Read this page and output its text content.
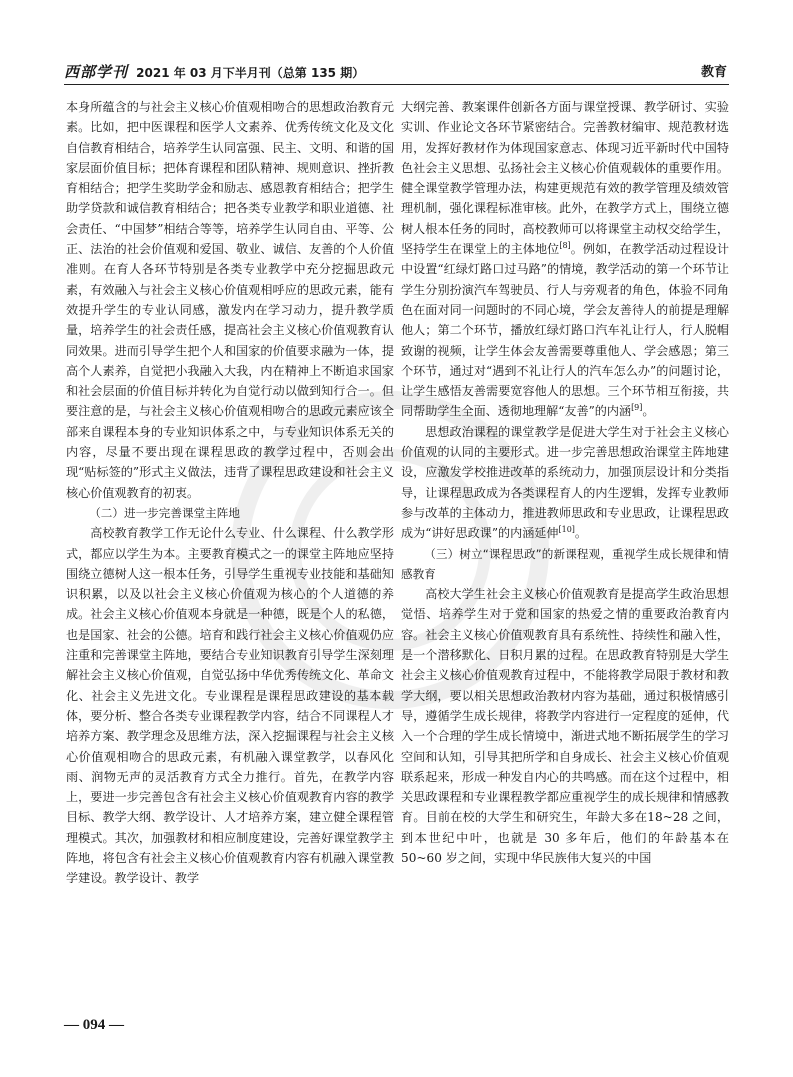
西部学刊 2021 年 03 月下半月刊（总第 135 期）	教育

本身所蕴含的与社会主义核心价值观相吻合的思想政治教育元素。比如，把中医课程和医学人文素养、优秀传统文化及文化自信教育相结合，培养学生认同富强、民主、文明、和谐的国家层面价值目标；把体育课程和团队精神、规则意识、挫折教育相结合；把学生奖助学金和励志、感恩教育相结合；把学生助学贷款和诚信教育相结合；把各类专业教学和职业道德、社会责任、“中国梦”相结合等等，培养学生认同自由、平等、公正、法治的社会价值观和爱国、敬业、诚信、友善的个人价值准则。在育人各环节特别是各类专业教学中充分挖掘思政元素，有效融入与社会主义核心价值观相呼应的思政元素，能有效提升学生的专业认同感，激发内在学习动力，提升教学质量，培养学生的社会责任感，提高社会主义核心价值观教育认同效果。进而引导学生把个人和国家的价值要求融为一体，提高个人素养，自觉把小我融入大我，内在精神上不断追求国家和社会层面的价值目标并转化为自觉行动以做到知行合一。但要注意的是，与社会主义核心价值观相吻合的思政元素应该全部来自课程本身的专业知识体系之中，与专业知识体系无关的内容，尽量不要出现在课程思政的教学过程中，否则会出现“贴标签的”形式主义做法，违背了课程思政建设和社会主义核心价值观教育的初衷。

（二）进一步完善课堂主阵地

高校教育教学工作无论什么专业、什么课程、什么教学形式，都应以学生为本。主要教育模式之一的课堂主阵地应坚持围绕立德树人这一根本任务，引导学生重视专业技能和基础知识积累，以及以社会主义核心价值观为核心的个人道德的养成。社会主义核心价值观本身就是一种德，既是个人的私德，也是国家、社会的公德。培育和践行社会主义核心价值观仍应注重和完善课堂主阵地，要结合专业知识教育引导学生深刻理解社会主义核心价值观，自觉弘扬中华优秀传统文化、革命文化、社会主义先进文化。专业课程是课程思政建设的基本载体，要分析、整合各类专业课程教学内容，结合不同课程人才培养方案、教学理念及思维方法，深入挖掘课程与社会主义核心价值观相吻合的思政元素，有机融入课堂教学，以春风化雨、润物无声的灵活教育方式全力推行。首先，在教学内容上，要进一步完善包含有社会主义核心价值观教育内容的教学目标、教学大纲、教学设计、人才培养方案，建立健全课程管理模式。其次，加强教材和相应制度建设，完善好课堂教学主阵地，将包含有社会主义核心价值观教育内容有机融入课堂教学建设。教学设计、教学

大纲完善、教案课件创新各方面与课堂授课、教学研讨、实验实训、作业论文各环节紧密结合。完善教材编审、规范教材选用，发挥好教材作为体现国家意志、体现习近平新时代中国特色社会主义思想、弘扬社会主义核心价值观载体的重要作用。健全课堂教学管理办法，构建更规范有效的教学管理及绩效管理机制，强化课程标准审核。此外，在教学方式上，围绕立德树人根本任务的同时，高校教师可以将课堂主动权交给学生，坚持学生在课堂上的主体地位[8]。例如，在教学活动过程设计中设置“红绿灯路口过马路”的情境，教学活动的第一个环节让学生分别扮演汽车驾驶员、行人与旁观者的角色，体验不同角色在面对同一问题时的不同心境，学会友善待人的前提是理解他人；第二个环节，播放红绿灯路口汽车礼让行人，行人脱帽致谢的视频，让学生体会友善需要尊重他人、学会感恩；第三个环节，通过对“遇到不礼让行人的汽车怎么办”的问题讨论，让学生感悟友善需要宽容他人的思想。三个环节相互衔接，共同帮助学生全面、透彻地理解“友善”的内涵[9]。

思想政治课程的课堂教学是促进大学生对于社会主义核心价值观的认同的主要形式。进一步完善思想政治课堂主阵地建设，应激发学校推进改革的系统动力，加强顶层设计和分类指导，让课程思政成为各类课程育人的内生逻辑，发挥专业教师参与改革的主体动力，推进教师思政和专业思政，让课程思政成为“讲好思政课”的内涵延伸[10]。

（三）树立“课程思政”的新课程观，重视学生成长规律和情感教育

高校大学生社会主义核心价值观教育是提高学生政治思想觉悟、培养学生对于党和国家的热爱之情的重要政治教育内容。社会主义核心价值观教育具有系统性、持续性和融入性，是一个潜移默化、日积月累的过程。在思政教育特别是大学生社会主义核心价值观教育过程中，不能将教学局限于教材和教学大纲，要以相关思想政治教材内容为基础，通过积极情感引导，遵循学生成长规律，将教学内容进行一定程度的延伸，代入一个合理的学生成长情境中，渐进式地不断拓展学生的学习空间和认知，引导其把所学和自身成长、社会主义核心价值观联系起来，形成一种发自内心的共鸣感。而在这个过程中，相关思政课程和专业课程教学都应重视学生的成长规律和情感教育。目前在校的大学生和研究生，年龄大多在18~28 之间，到本世纪中叶，也就是 30 多年后，他们的年龄基本在 50~60 岁之间，实现中华民族伟大复兴的中国

— 094 —
